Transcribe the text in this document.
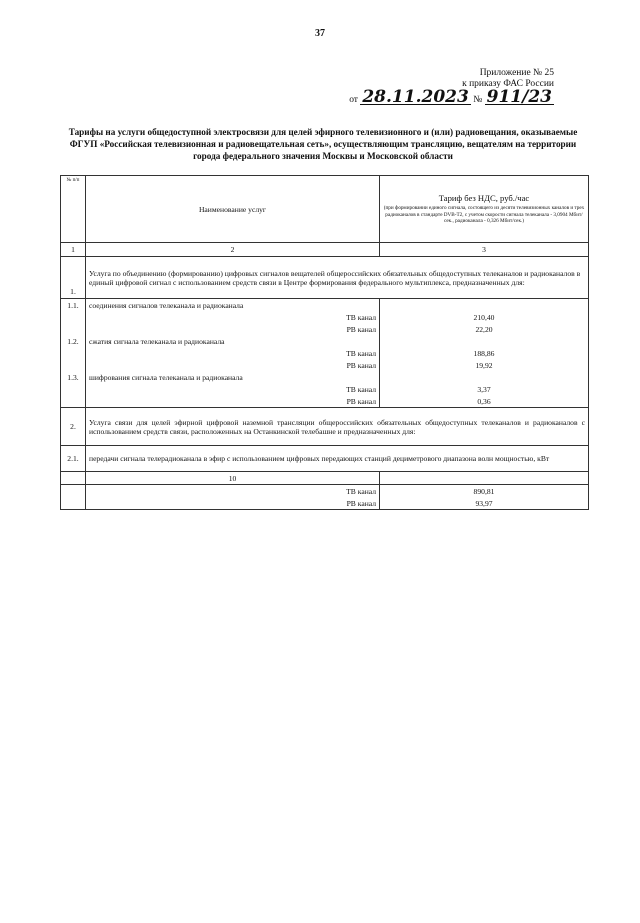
37
Приложение № 25
к приказу ФАС России
от 28.11.2023 № 911/23
Тарифы на услуги общедоступной электросвязи для целей эфирного телевизионного и (или) радиовещания, оказываемые ФГУП «Российская телевизионная и радиовещательная сеть», осуществляющим трансляцию, вещателям на территории города федерального значения Москвы и Московской области
№ п/п	Наименование услуг	Тариф без НДС, руб./час
(при формировании единого сигнала, состоящего из десяти телевизионных каналов и трех радиоканалов в стандарте DVB-T2, с учетом скорости сигнала телеканала - 3,0904 Мбит/сек., радиоканала - 0,326 Мбит/сек.)

1	2	3
1.	Услуга по объединению (формированию) цифровых сигналов вещателей общероссийских обязательных общедоступных телеканалов и радиоканалов в единый цифровой сигнал с использованием средств связи в Центре формирования федерального мультиплекса, предназначенных для:	
1.1.	соединения сигналов телеканала и радиоканала	
	ТВ канал	210,40
	РВ канал	22,20
1.2.	сжатия сигнала телеканала и радиоканала	
	ТВ канал	188,86
	РВ канал	19,92
1.3.	шифрования сигнала телеканала и радиоканала	
	ТВ канал	3,37
	РВ канал	0,36
2.	Услуга связи для целей эфирной цифровой наземной трансляции общероссийских обязательных общедоступных телеканалов и радиоканалов с использованием средств связи, расположенных на Останкинской телебашне и предназначенных для:	
2.1.	передачи сигнала телерадиоканала в эфир с использованием цифровых передающих станций дециметрового диапазона волн мощностью, кВт	
	10	
	ТВ канал	890,81
	РВ канал	93,97
